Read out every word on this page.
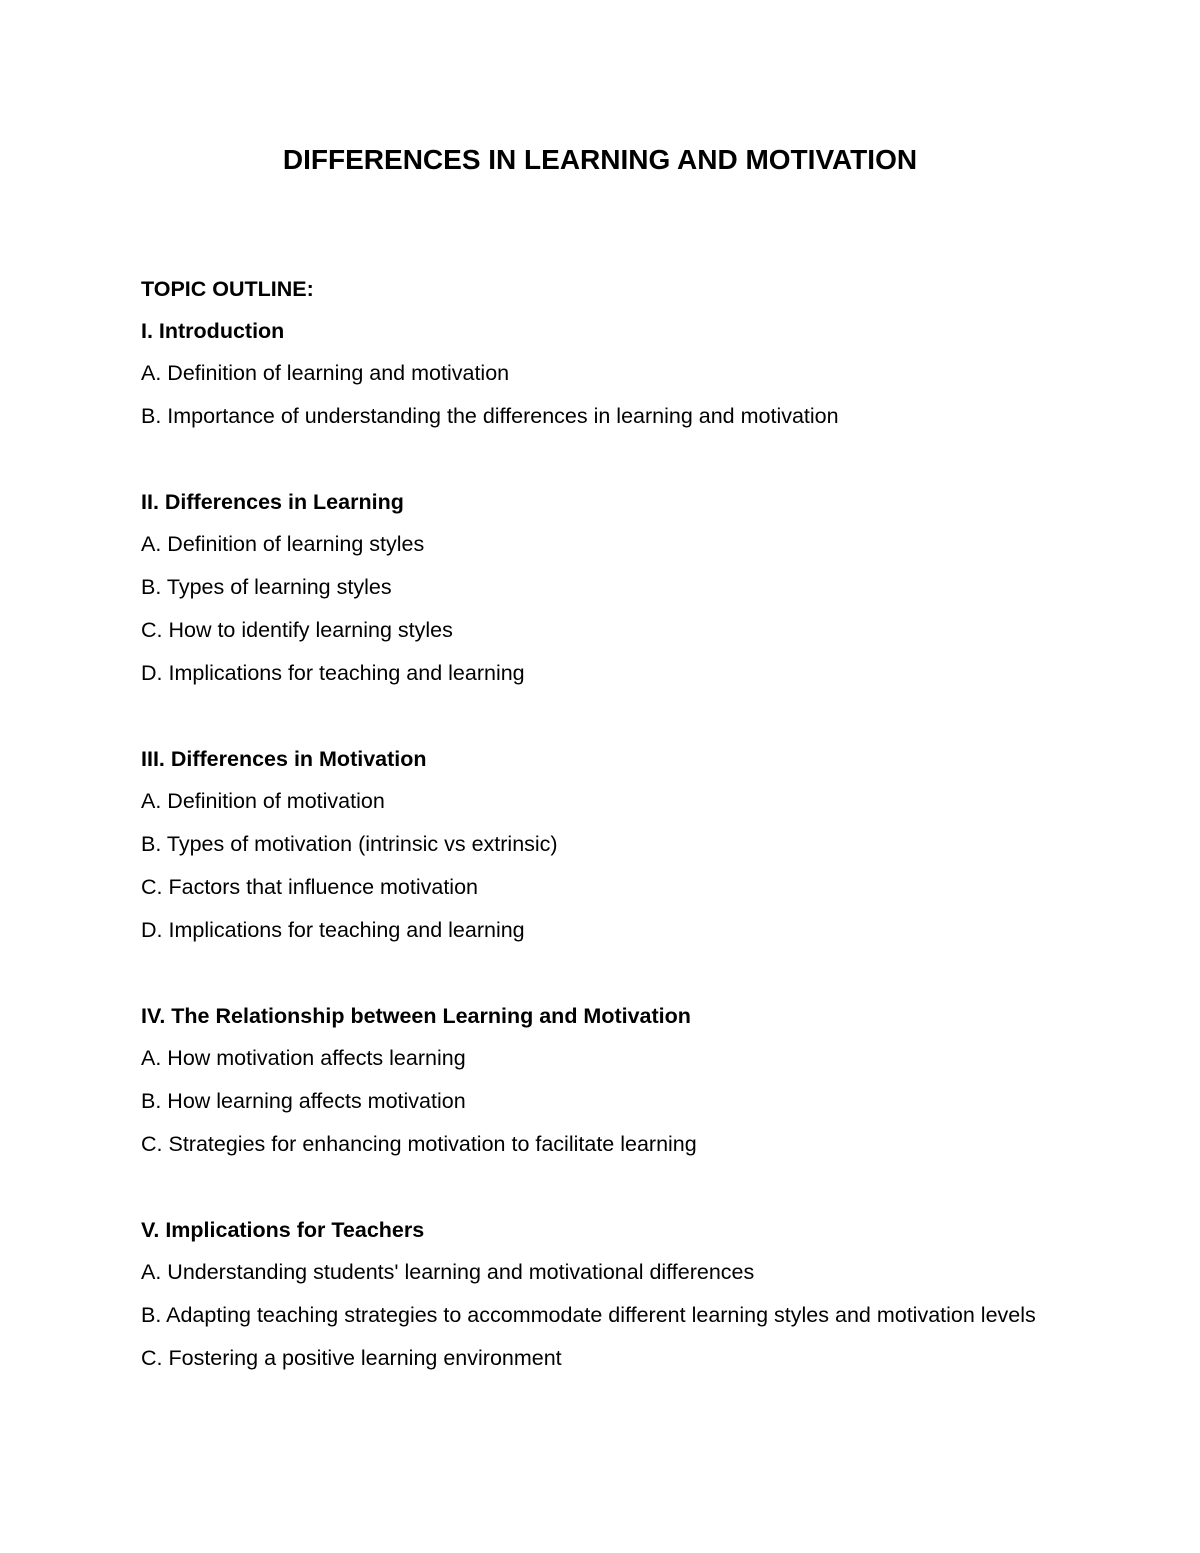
DIFFERENCES IN LEARNING AND MOTIVATION

TOPIC OUTLINE:

I. Introduction

A. Definition of learning and motivation

B. Importance of understanding the differences in learning and motivation

II. Differences in Learning

A. Definition of learning styles

B. Types of learning styles

C. How to identify learning styles

D. Implications for teaching and learning

III. Differences in Motivation

A. Definition of motivation

B. Types of motivation (intrinsic vs extrinsic)

C. Factors that influence motivation

D. Implications for teaching and learning

IV. The Relationship between Learning and Motivation

A. How motivation affects learning

B. How learning affects motivation

C. Strategies for enhancing motivation to facilitate learning

V. Implications for Teachers

A. Understanding students' learning and motivational differences

B. Adapting teaching strategies to accommodate different learning styles and motivation levels

C. Fostering a positive learning environment
